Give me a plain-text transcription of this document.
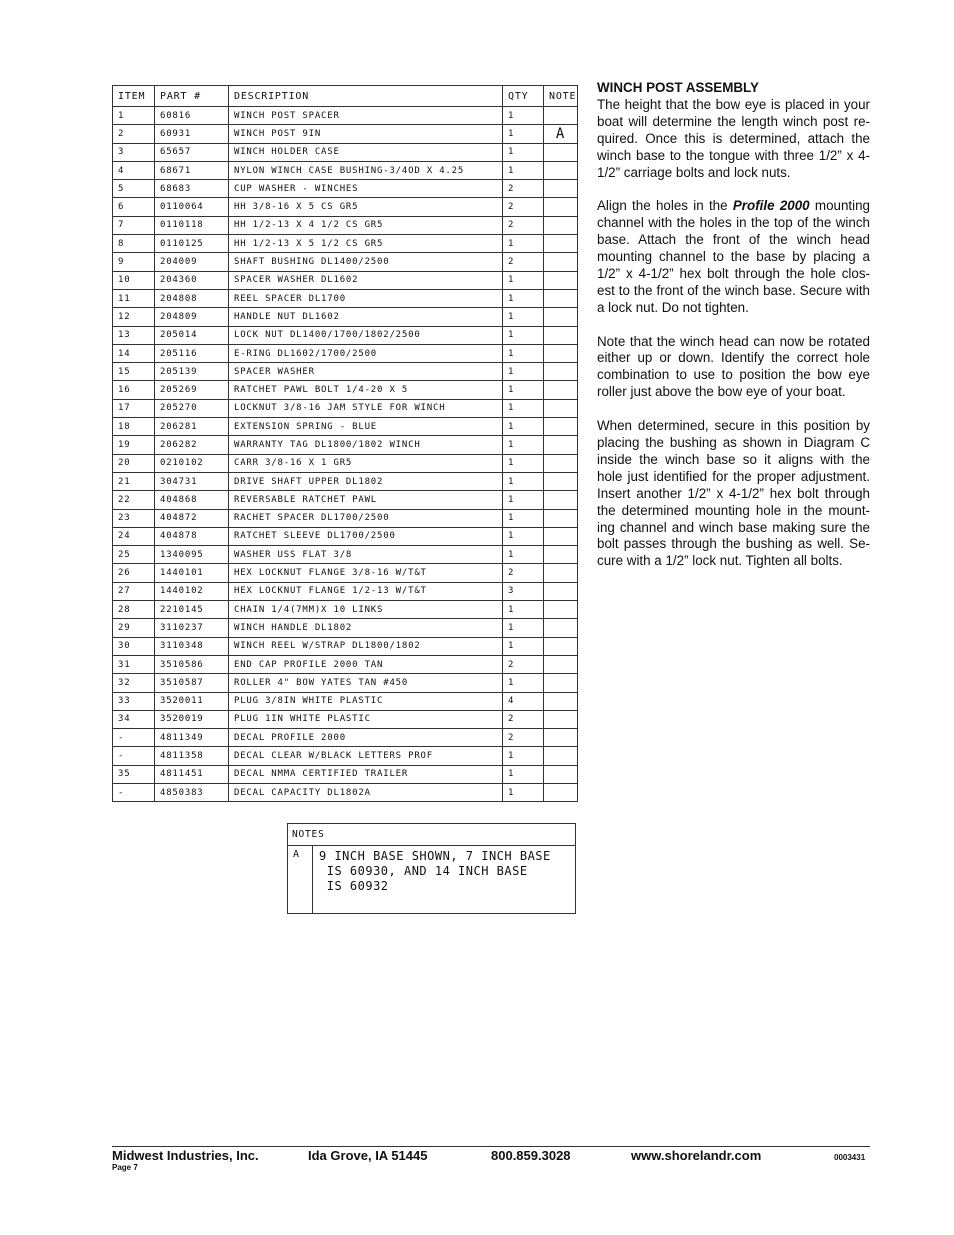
ITEM	PART #	DESCRIPTION	QTY	NOTE
1	60816	WINCH POST SPACER	1	
2	60931	WINCH POST 9IN	1	A
3	65657	WINCH HOLDER CASE	1	
4	68671	NYLON WINCH CASE BUSHING-3/4OD X 4.25	1	
5	68683	CUP WASHER - WINCHES	2	
6	0110064	HH 3/8-16 X 5 CS GR5	2	
7	0110118	HH 1/2-13 X 4 1/2 CS GR5	2	
8	0110125	HH 1/2-13 X 5 1/2 CS GR5	1	
9	204009	SHAFT BUSHING DL1400/2500	2	
10	204360	SPACER WASHER DL1602	1	
11	204808	REEL SPACER DL1700	1	
12	204809	HANDLE NUT DL1602	1	
13	205014	LOCK NUT DL1400/1700/1802/2500	1	
14	205116	E-RING DL1602/1700/2500	1	
15	205139	SPACER WASHER	1	
16	205269	RATCHET PAWL BOLT 1/4-20 X 5	1	
17	205270	LOCKNUT 3/8-16 JAM STYLE FOR WINCH	1	
18	206281	EXTENSION SPRING - BLUE	1	
19	206282	WARRANTY TAG DL1800/1802 WINCH	1	
20	0210102	CARR 3/8-16 X 1 GR5	1	
21	304731	DRIVE SHAFT UPPER DL1802	1	
22	404868	REVERSABLE RATCHET PAWL	1	
23	404872	RACHET SPACER DL1700/2500	1	
24	404878	RATCHET SLEEVE DL1700/2500	1	
25	1340095	WASHER USS FLAT 3/8	1	
26	1440101	HEX LOCKNUT FLANGE 3/8-16 W/T&T	2	
27	1440102	HEX LOCKNUT FLANGE 1/2-13 W/T&T	3	
28	2210145	CHAIN 1/4(7MM)X 10 LINKS	1	
29	3110237	WINCH HANDLE DL1802	1	
30	3110348	WINCH REEL W/STRAP DL1800/1802	1	
31	3510586	END CAP PROFILE 2000 TAN	2	
32	3510587	ROLLER 4" BOW YATES TAN #450	1	
33	3520011	PLUG 3/8IN WHITE PLASTIC	4	
34	3520019	PLUG 1IN WHITE PLASTIC	2	
-	4811349	DECAL PROFILE 2000	2	
-	4811358	DECAL CLEAR W/BLACK LETTERS PROF	1	
35	4811451	DECAL NMMA CERTIFIED TRAILER	1	
-	4850383	DECAL CAPACITY DL1802A	1	
NOTES
A	9 INCH BASE SHOWN, 7 INCH BASE
IS 60930, AND 14 INCH BASE
IS 60932
WINCH POST ASSEMBLY

The height that the bow eye is placed in your boat will determine the length winch post re-quired. Once this is determined, attach the winch base to the tongue with three 1/2” x 4-1/2” carriage bolts and lock nuts.

Align the holes in the Profile 2000 mounting channel with the holes in the top of the winch base. Attach the front of the winch head mounting channel to the base by placing a 1/2” x 4-1/2” hex bolt through the hole clos-est to the front of the winch base. Secure with a lock nut. Do not tighten.

Note that the winch head can now be rotated either up or down. Identify the correct hole combination to use to position the bow eye roller just above the bow eye of your boat.

When determined, secure in this position by placing the bushing as shown in Diagram C inside the winch base so it aligns with the hole just identified for the proper adjustment. Insert another 1/2” x 4-1/2” hex bolt through the determined mounting hole in the mount-ing channel and winch base making sure the bolt passes through the bushing as well. Se-cure with a 1/2” lock nut. Tighten all bolts.

Midwest Industries, Inc.	Ida Grove, IA 51445	800.859.3028	www.shorelandr.com	0003431
Page 7
